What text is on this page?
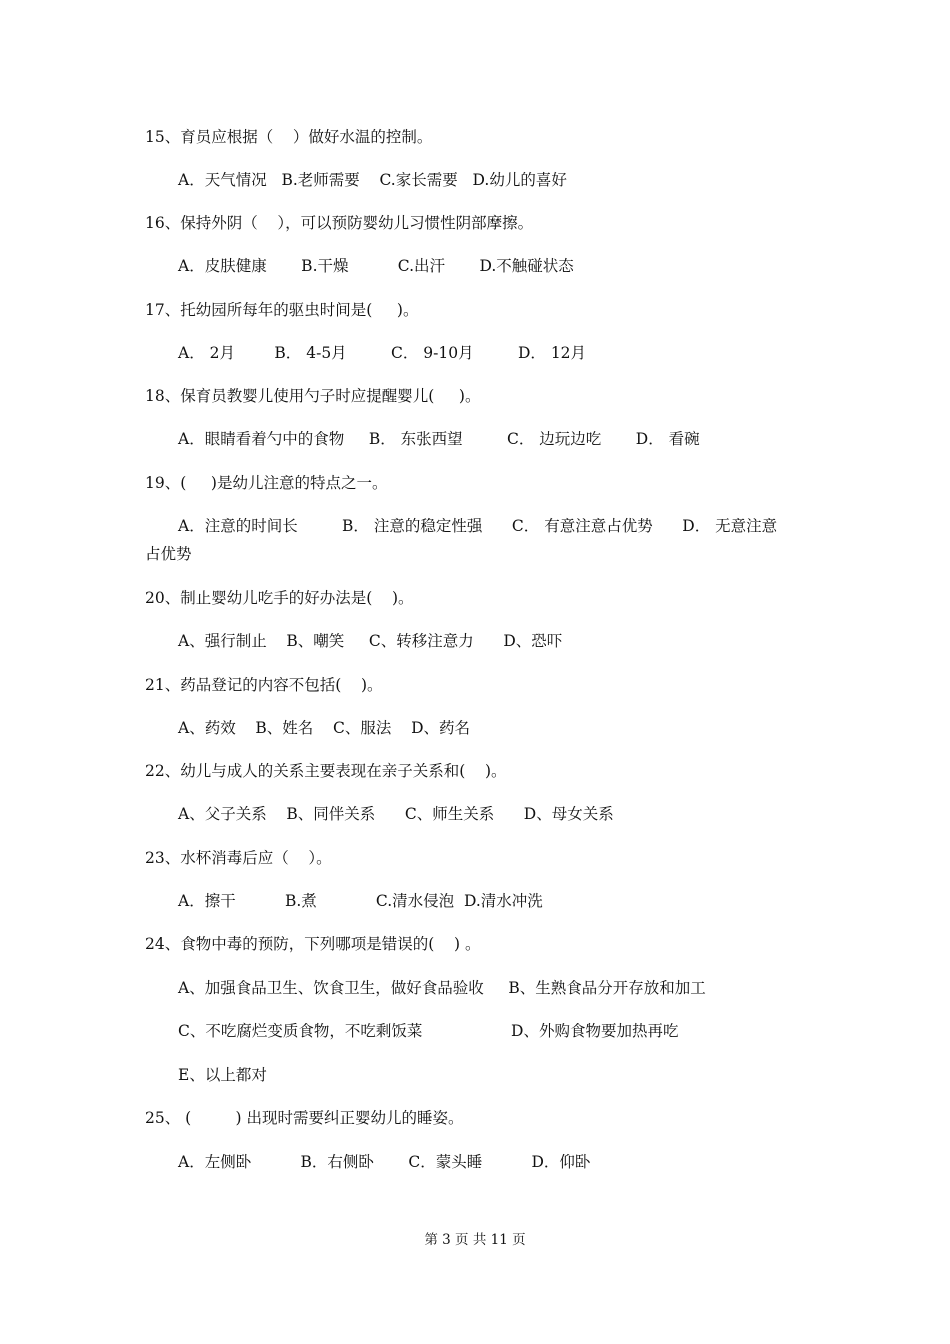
15、育员应根据（    ）做好水温的控制。
A．天气情况   B.老师需要    C.家长需要   D.幼儿的喜好
16、保持外阴（    ），可以预防婴幼儿习惯性阴部摩擦。
A．皮肤健康       B.干燥          C.出汗       D.不触碰状态
17、托幼园所每年的驱虫时间是(     )。
A． 2月        B． 4-5月         C． 9-10月         D． 12月
18、保育员教婴儿使用勺子时应提醒婴儿(     )。
A．眼睛看着勺中的食物     B． 东张西望         C． 边玩边吃       D． 看碗
19、(     )是幼儿注意的特点之一。
A．注意的时间长         B． 注意的稳定性强      C． 有意注意占优势      D． 无意注意
占优势
20、制止婴幼儿吃手的好办法是(    )。
A、强行制止    B、嘲笑     C、转移注意力      D、恐吓
21、药品登记的内容不包括(    )。
A、药效    B、姓名    C、服法    D、药名
22、幼儿与成人的关系主要表现在亲子关系和(    )。
A、父子关系    B、同伴关系      C、师生关系      D、母女关系
23、水杯消毒后应（    ）。
A．擦干          B.煮            C.清水侵泡  D.清水冲洗
24、食物中毒的预防，下列哪项是错误的(    ) 。
A、加强食品卫生、饮食卫生，做好食品验收     B、生熟食品分开存放和加工
C、不吃腐烂变质食物，不吃剩饭菜                  D、外购食物要加热再吃
E、以上都对
25、 (         ) 出现时需要纠正婴幼儿的睡姿。
A．左侧卧          B．右侧卧       C．蒙头睡          D．仰卧
第 3 页 共 11 页
